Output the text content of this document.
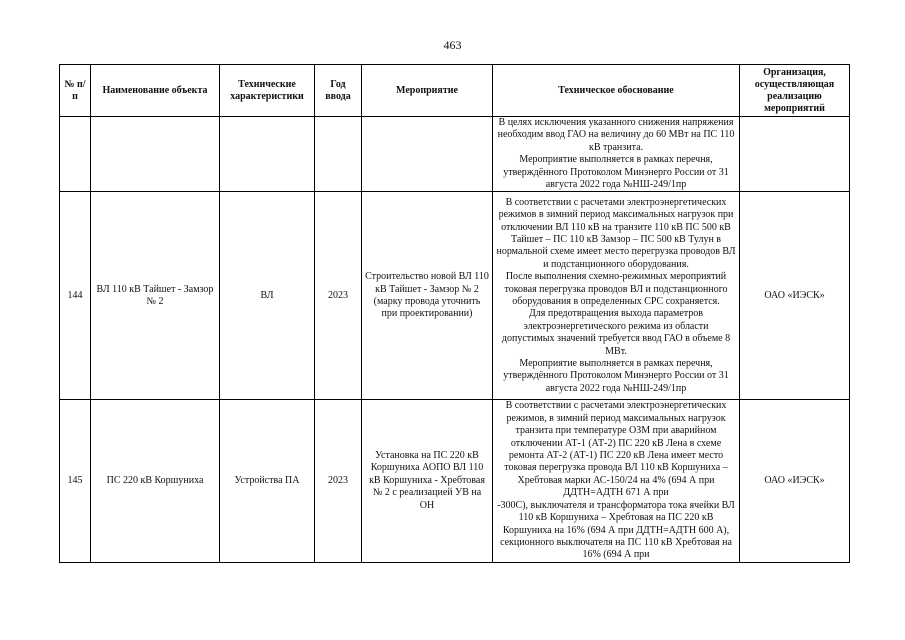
463
№ п/п	Наименование объекта	Технические характеристики	Год ввода	Мероприятие	Техническое обоснование	Организация, осуществляющая реализацию мероприятий

					В целях исключения указанного снижения напряжения необходим ввод ГАО на величину до 60 МВт на ПС 110 кВ транзита.
Мероприятие выполняется в рамках перечня, утверждённого Протоколом Минэнерго России от 31 августа 2022 года №НШ-249/1пр	

144	ВЛ 110 кВ Тайшет - Замзор № 2	ВЛ	2023	Строительство новой ВЛ 110 кВ Тайшет - Замзор № 2 (марку провода уточнить при проектировании)	В соответствии с расчетами электроэнергетических режимов в зимний период максимальных нагрузок при отключении ВЛ 110 кВ на транзите 110 кВ ПС 500 кВ Тайшет – ПС 110 кВ Замзор – ПС 500 кВ Тулун в нормальной схеме имеет место перегрузка проводов ВЛ и подстанционного оборудования.
После выполнения схемно-режимных мероприятий токовая перегрузка проводов ВЛ и подстанционного оборудования в определенных СРС сохраняется.
Для предотвращения выхода параметров электроэнергетического режима из области допустимых значений требуется ввод ГАО в объеме 8 МВт.
Мероприятие выполняется в рамках перечня, утверждённого Протоколом Минэнерго России от 31 августа 2022 года №НШ-249/1пр	ОАО «ИЭСК»
145	ПС 220 кВ Коршуниха	Устройства ПА	2023	Установка на ПС 220 кВ Коршуниха АОПО ВЛ 110 кВ Коршуниха - Хребтовая № 2 с реализацией УВ на ОН	В соответствии с расчетами электроэнергетических режимов, в зимний период максимальных нагрузок транзита при температуре ОЗМ при аварийном отключении АТ-1 (АТ-2) ПС 220 кВ Лена в схеме ремонта АТ-2 (АТ-1) ПС 220 кВ Лена имеет место токовая перегрузка провода ВЛ 110 кВ Коршуниха – Хребтовая марки АС-150/24 на 4% (694 А при ДДТН=АДТН 671 А при
-300С), выключателя и трансформатора тока ячейки ВЛ 110 кВ Коршуниха – Хребтовая на ПС 220 кВ Коршуниха на 16% (694 А при ДДТН=АДТН 600 А), секционного выключателя на ПС 110 кВ Хребтовая на 16% (694 А при	ОАО «ИЭСК»
